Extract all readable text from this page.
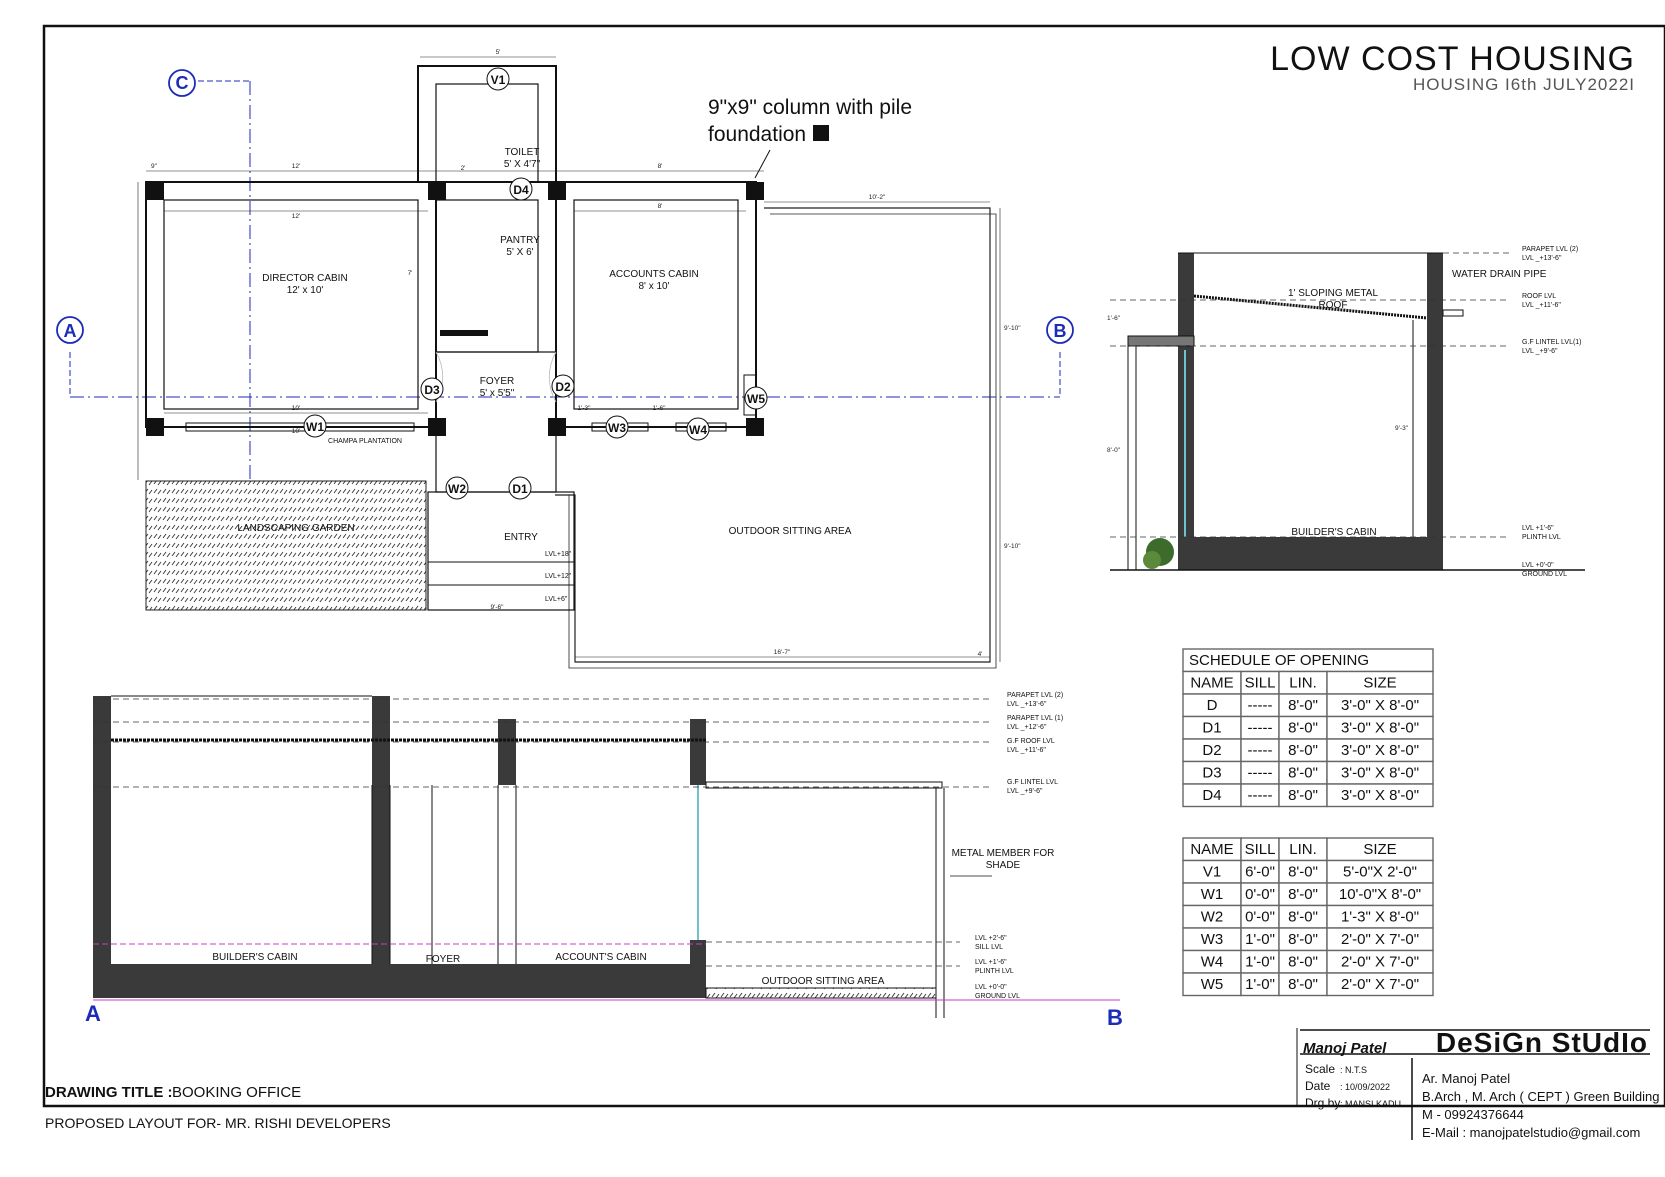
LOW COST HOUSING
HOUSING I6th JULY2022I
9"x9" column with pile
foundation
C
A	B
LANDSCAPING GARDEN	OUTDOOR SITTING AREA
TOILET
5' X 4'7"
PANTRY
5' X 6'
DIRECTOR CABIN
12' x 10'
ACCOUNTS CABIN
8' x 10'
FOYER
5' x 5'5"
ENTRY
CHAMPA PLANTATION
V1
D4
D3	D2
D1
W1
W2
W3	W4
W5
LVL+18"
LVL+12"
LVL+6"
12'
12'
8'
8'
10'-2"
16'-7"
10'
10'
9'-6"
9'-10"
9'-10"
9"
5'
2'
4'
1'-3"	1'-6"
7'
PARAPET LVL (2)
LVL _+13'-6"
ROOF LVL
LVL _+11'-6"
G.F LINTEL LVL(1)
LVL _+9'-6"
LVL +1'-6"
PLINTH LVL
LVL +0'-0"
GROUND LVL
1' SLOPING METAL
ROOF
WATER DRAIN PIPE
BUILDER'S CABIN
9'-3"
8'-0"
1'-6"
PARAPET LVL (2)
LVL _+13'-6"
PARAPET LVL (1)
LVL _+12'-6"
G.F ROOF LVL
LVL _+11'-6"
G.F LINTEL LVL
LVL _+9'-6"
LVL +2'-6"
SILL LVL
LVL +1'-6"
PLINTH LVL
LVL +0'-0"
GROUND LVL
METAL MEMBER FOR
SHADE
BUILDER'S CABIN	FOYER	ACCOUNT'S CABIN
OUTDOOR SITTING AREA
A	B
SCHEDULE OF OPENING
NAME SILL LIN.	SIZE
D ----- 8'-0" 3'-0" X 8'-0"
D1 ----- 8'-0" 3'-0" X 8'-0"
D2 ----- 8'-0" 3'-0" X 8'-0"
D3 ----- 8'-0" 3'-0" X 8'-0"
D4 ----- 8'-0" 3'-0" X 8'-0"
NAME SILL LIN.	SIZE
V1 6'-0" 8'-0" 5'-0"X 2'-0"
W1 0'-0" 8'-0" 10'-0"X 8'-0"
W2 0'-0" 8'-0" 1'-3" X 8'-0"
W3 1'-0" 8'-0" 2'-0" X 7'-0"
W4 1'-0" 8'-0" 2'-0" X 7'-0"
W5 1'-0" 8'-0" 2'-0" X 7'-0"
DRAWING TITLE : BOOKING OFFICE
PROPOSED LAYOUT FOR- MR. RISHI DEVELOPERS
Manoj Patel DeSiGn StUdIo
Scale : N.T.S
Date : 10/09/2022
Drg by : MANSI KADU
Ar. Manoj Patel
B.Arch , M. Arch ( CEPT ) Green Building
M - 09924376644
E-Mail : manojpatelstudio@gmail.com
